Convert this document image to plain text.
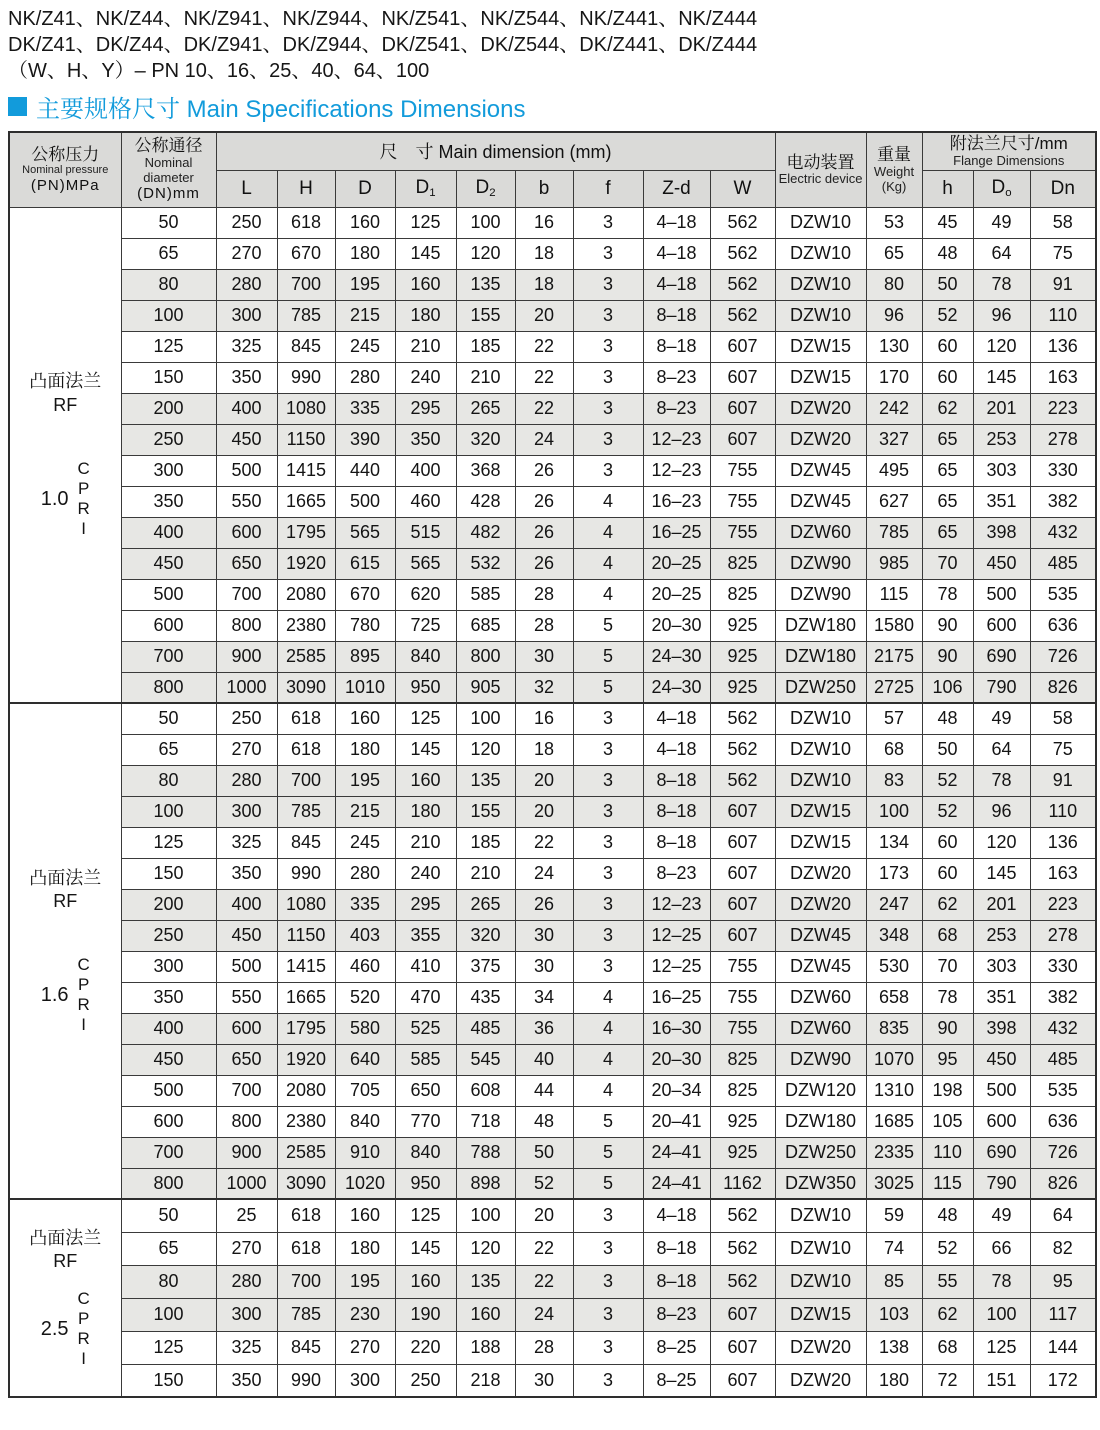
NK/Z41、NK/Z44、NK/Z941、NK/Z944、NK/Z541、NK/Z544、NK/Z441、NK/Z444
DK/Z41、DK/Z44、DK/Z941、DK/Z944、DK/Z541、DK/Z544、DK/Z441、DK/Z444
（W、H、Y）– PN 10、16、25、40、64、100
主要规格尺寸 Main Specifications Dimensions
公称压力
Nominal pressure
(PN)MPa

公称通径
Nominal
diameter
(DN)mm

尺　寸 Main dimension (mm)	电动装置
Electric device

重量
Weight
(Kg)

附法兰尺寸/mm
Flange Dimensions

		L	H	D	$D_1$	$D_2$	b	f	Z-d	W			h	$D_o$	Dn

凸面法兰
RF
1.0
C
P
R
I
	50	250	618	160	125	100	16	3	4–18	562	DZW10	53	45	49	58
	65	270	670	180	145	120	18	3	4–18	562	DZW10	65	48	64	75
	80	280	700	195	160	135	18	3	4–18	562	DZW10	80	50	78	91
	100	300	785	215	180	155	20	3	8–18	562	DZW10	96	52	96	110
	125	325	845	245	210	185	22	3	8–18	607	DZW15	130	60	120	136
	150	350	990	280	240	210	22	3	8–23	607	DZW15	170	60	145	163
	200	400	1080	335	295	265	22	3	8–23	607	DZW20	242	62	201	223
	250	450	1150	390	350	320	24	3	12–23	607	DZW20	327	65	253	278
	300	500	1415	440	400	368	26	3	12–23	755	DZW45	495	65	303	330
	350	550	1665	500	460	428	26	4	16–23	755	DZW45	627	65	351	382
	400	600	1795	565	515	482	26	4	16–25	755	DZW60	785	65	398	432
	450	650	1920	615	565	532	26	4	20–25	825	DZW90	985	70	450	485
	500	700	2080	670	620	585	28	4	20–25	825	DZW90	115	78	500	535
	600	800	2380	780	725	685	28	5	20–30	925	DZW180	1580	90	600	636
	700	900	2585	895	840	800	30	5	24–30	925	DZW180	2175	90	690	726
	800	1000	3090	1010	950	905	32	5	24–30	925	DZW250	2725	106	790	826

凸面法兰
RF
1.6
C
P
R
I
	50	250	618	160	125	100	16	3	4–18	562	DZW10	57	48	49	58
	65	270	618	180	145	120	18	3	4–18	562	DZW10	68	50	64	75
	80	280	700	195	160	135	20	3	8–18	562	DZW10	83	52	78	91
	100	300	785	215	180	155	20	3	8–18	607	DZW15	100	52	96	110
	125	325	845	245	210	185	22	3	8–18	607	DZW15	134	60	120	136
	150	350	990	280	240	210	24	3	8–23	607	DZW20	173	60	145	163
	200	400	1080	335	295	265	26	3	12–23	607	DZW20	247	62	201	223
	250	450	1150	403	355	320	30	3	12–25	607	DZW45	348	68	253	278
	300	500	1415	460	410	375	30	3	12–25	755	DZW45	530	70	303	330
	350	550	1665	520	470	435	34	4	16–25	755	DZW60	658	78	351	382
	400	600	1795	580	525	485	36	4	16–30	755	DZW60	835	90	398	432
	450	650	1920	640	585	545	40	4	20–30	825	DZW90	1070	95	450	485
	500	700	2080	705	650	608	44	4	20–34	825	DZW120	1310	198	500	535
	600	800	2380	840	770	718	48	5	20–41	925	DZW180	1685	105	600	636
	700	900	2585	910	840	788	50	5	24–41	925	DZW250	2335	110	690	726
	800	1000	3090	1020	950	898	52	5	24–41	1162	DZW350	3025	115	790	826

凸面法兰
RF
2.5
C
P
R
I
	50	25	618	160	125	100	20	3	4–18	562	DZW10	59	48	49	64
	65	270	618	180	145	120	22	3	8–18	562	DZW10	74	52	66	82
	80	280	700	195	160	135	22	3	8–18	562	DZW10	85	55	78	95
	100	300	785	230	190	160	24	3	8–23	607	DZW15	103	62	100	117
	125	325	845	270	220	188	28	3	8–25	607	DZW20	138	68	125	144
	150	350	990	300	250	218	30	3	8–25	607	DZW20	180	72	151	172
